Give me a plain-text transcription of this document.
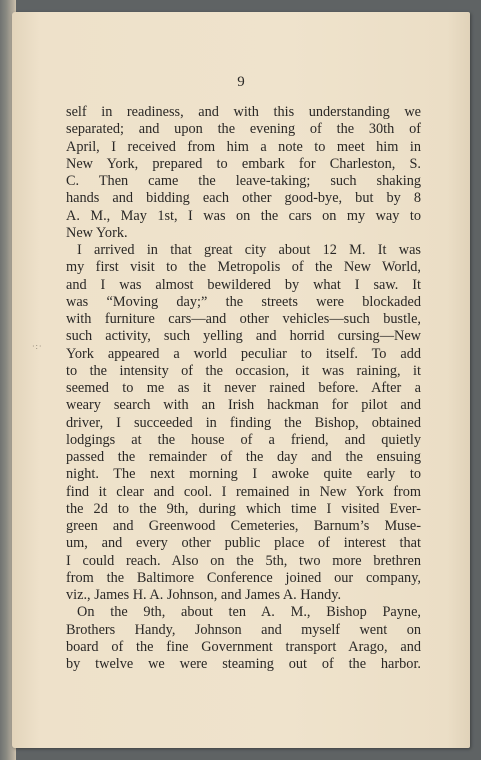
9
·:·
self in readiness, and with this understanding we
separated; and upon the evening of the 30th of
April, I received from him a note to meet him in
New York, prepared to embark for Charleston, S.
C. Then came the leave-taking; such shaking
hands and bidding each other good-bye, but by 8
A. M., May 1st, I was on the cars on my way to
New York.
I arrived in that great city about 12 M. It was
my first visit to the Metropolis of the New World,
and I was almost bewildered by what I saw. It
was “Moving day;” the streets were blockaded
with furniture cars—and other vehicles—such bustle,
such activity, such yelling and horrid cursing—New
York appeared a world peculiar to itself. To add
to the intensity of the occasion, it was raining, it
seemed to me as it never rained before. After a
weary search with an Irish hackman for pilot and
driver, I succeeded in finding the Bishop, obtained
lodgings at the house of a friend, and quietly
passed the remainder of the day and the ensuing
night. The next morning I awoke quite early to
find it clear and cool. I remained in New York from
the 2d to the 9th, during which time I visited Ever-
green and Greenwood Cemeteries, Barnum’s Muse-
um, and every other public place of interest that
I could reach. Also on the 5th, two more brethren
from the Baltimore Conference joined our company,
viz., James H. A. Johnson, and James A. Handy.
On the 9th, about ten A. M., Bishop Payne,
Brothers Handy, Johnson and myself went on
board of the fine Government transport Arago, and
by twelve we were steaming out of the harbor.
